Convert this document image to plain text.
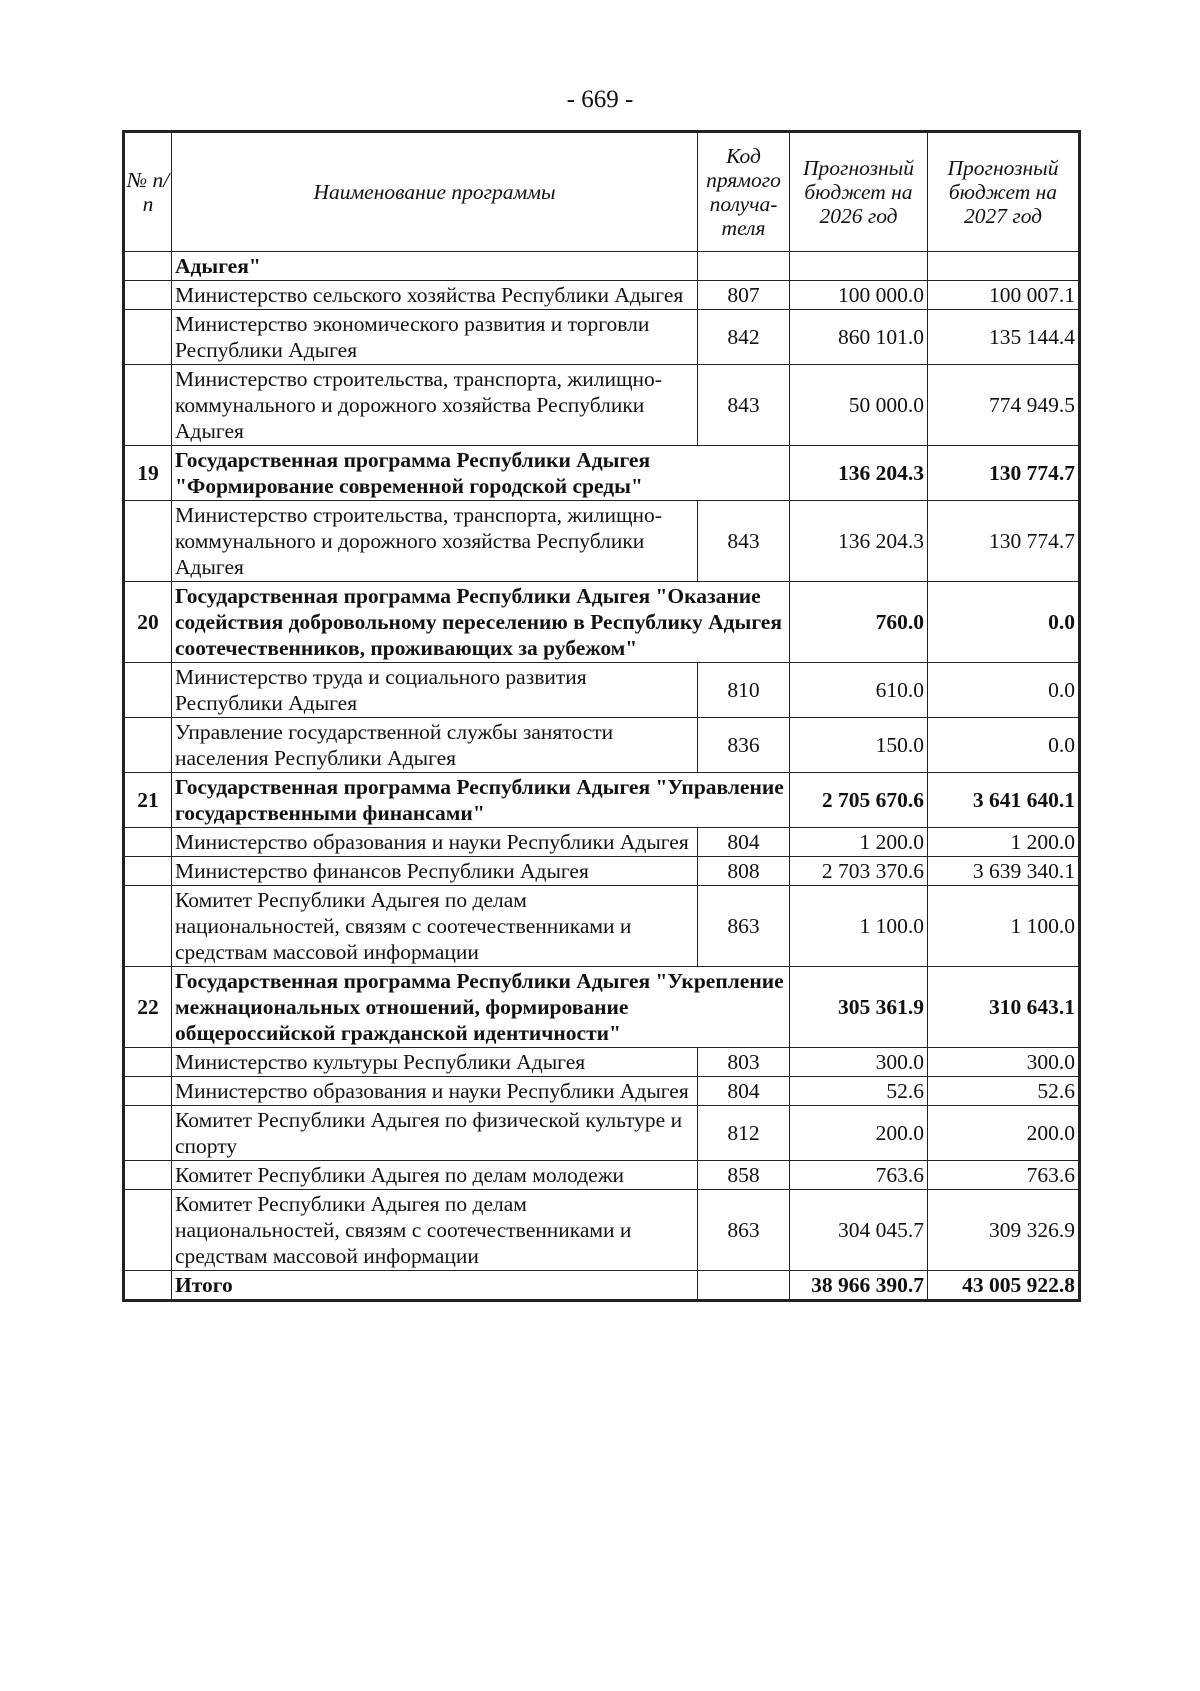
- 669 -
№ п/п	Наименование программы	Код прямого получа-теля	Прогнозный бюджет на 2026 год	Прогнозный бюджет на 2027 год
	Адыгея"			
	Министерство сельского хозяйства Республики Адыгея	807	100 000.0	100 007.1
	Министерство экономического развития и торговли Республики Адыгея	842	860 101.0	135 144.4
	Министерство строительства, транспорта, жилищно-коммунального и дорожного хозяйства Республики Адыгея	843	50 000.0	774 949.5
19	Государственная программа Республики Адыгея "Формирование современной городской среды"		136 204.3	130 774.7
	Министерство строительства, транспорта, жилищно-коммунального и дорожного хозяйства Республики Адыгея	843	136 204.3	130 774.7
20	Государственная программа Республики Адыгея "Оказание содействия добровольному переселению в Республику Адыгея соотечественников, проживающих за рубежом"		760.0	0.0
	Министерство труда и социального развития Республики Адыгея	810	610.0	0.0
	Управление государственной службы занятости населения Республики Адыгея	836	150.0	0.0
21	Государственная программа Республики Адыгея "Управление государственными финансами"		2 705 670.6	3 641 640.1
	Министерство образования и науки Республики Адыгея	804	1 200.0	1 200.0
	Министерство финансов Республики Адыгея	808	2 703 370.6	3 639 340.1
	Комитет Республики Адыгея по делам национальностей, связям с соотечественниками и средствам массовой информации	863	1 100.0	1 100.0
22	Государственная программа Республики Адыгея "Укрепление межнациональных отношений, формирование общероссийской гражданской идентичности"		305 361.9	310 643.1
	Министерство культуры Республики Адыгея	803	300.0	300.0
	Министерство образования и науки Республики Адыгея	804	52.6	52.6
	Комитет Республики Адыгея по физической культуре и спорту	812	200.0	200.0
	Комитет Республики Адыгея по делам молодежи	858	763.6	763.6
	Комитет Республики Адыгея по делам национальностей, связям с соотечественниками и средствам массовой информации	863	304 045.7	309 326.9
	Итого		38 966 390.7	43 005 922.8
